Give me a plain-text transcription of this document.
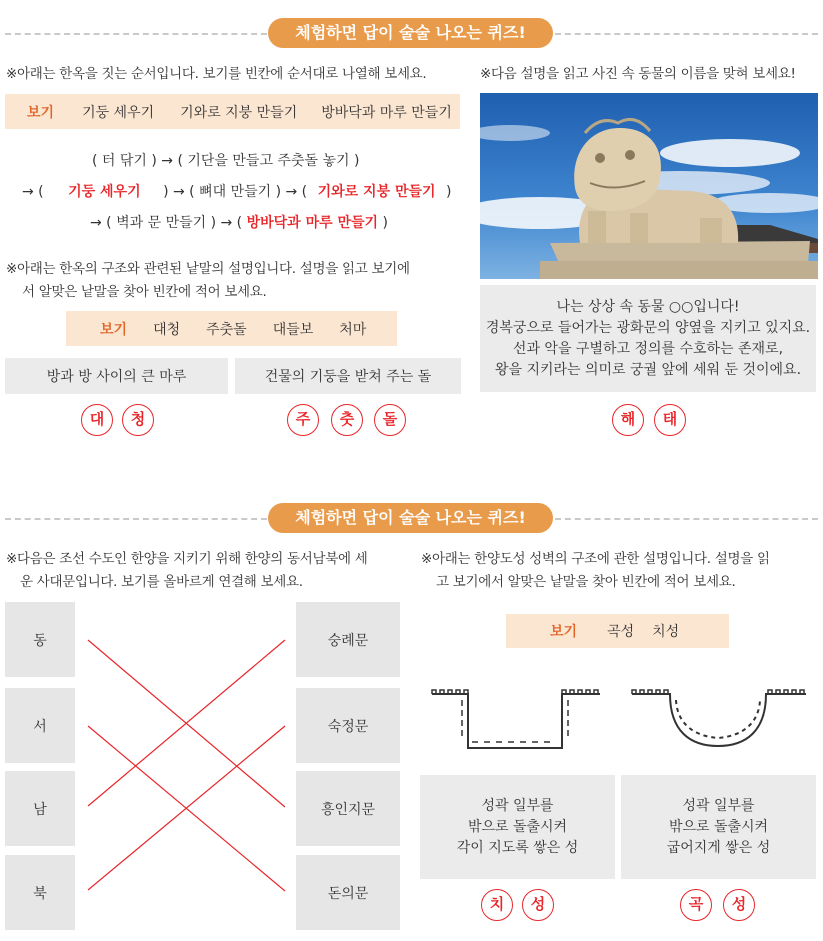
체험하면 답이 술술 나오는 퀴즈!
※아래는 한옥을 짓는 순서입니다. 보기를 빈칸에 순서대로 나열해 보세요.
보기 기둥 세우기 기와로 지붕 만들기 방바닥과 마루 만들기
( 터 닦기 ) → ( 기단을 만들고 주춧돌 놓기 )
→ ( 기둥 세우기 ) → ( 뼈대 만들기 ) → ( 기와로 지붕 만들기 )
→ ( 벽과 문 만들기 ) → ( 방바닥과 마루 만들기 )
※아래는 한옥의 구조와 관련된 낱말의 설명입니다. 설명을 읽고 보기에
서 알맞은 낱말을 찾아 빈칸에 적어 보세요.
보기 대청 주춧돌 대들보 처마
방과 방 사이의 큰 마루	건물의 기둥을 받쳐 주는 돌
대	청	주	춧	돌
※다음 설명을 읽고 사진 속 동물의 이름을 맞혀 보세요!
나는 상상 속 동물 ○○입니다!
경복궁으로 들어가는 광화문의 양옆을 지키고 있지요.
선과 악을 구별하고 정의를 수호하는 존재로,
왕을 지키라는 의미로 궁궐 앞에 세워 둔 것이에요.
해	태
체험하면 답이 술술 나오는 퀴즈!
※다음은 조선 수도인 한양을 지키기 위해 한양의 동서남북에 세
운 사대문입니다. 보기를 올바르게 연결해 보세요.
동
서
남
북
숭례문
숙정문
흥인지문
돈의문
※아래는 한양도성 성벽의 구조에 관한 설명입니다. 설명을 읽
고 보기에서 알맞은 낱말을 찾아 빈칸에 적어 보세요.
보기 곡성 치성
성곽 일부를
밖으로 돌출시켜
각이 지도록 쌓은 성
성곽 일부를
밖으로 돌출시켜
굽어지게 쌓은 성
치	성	곡	성
